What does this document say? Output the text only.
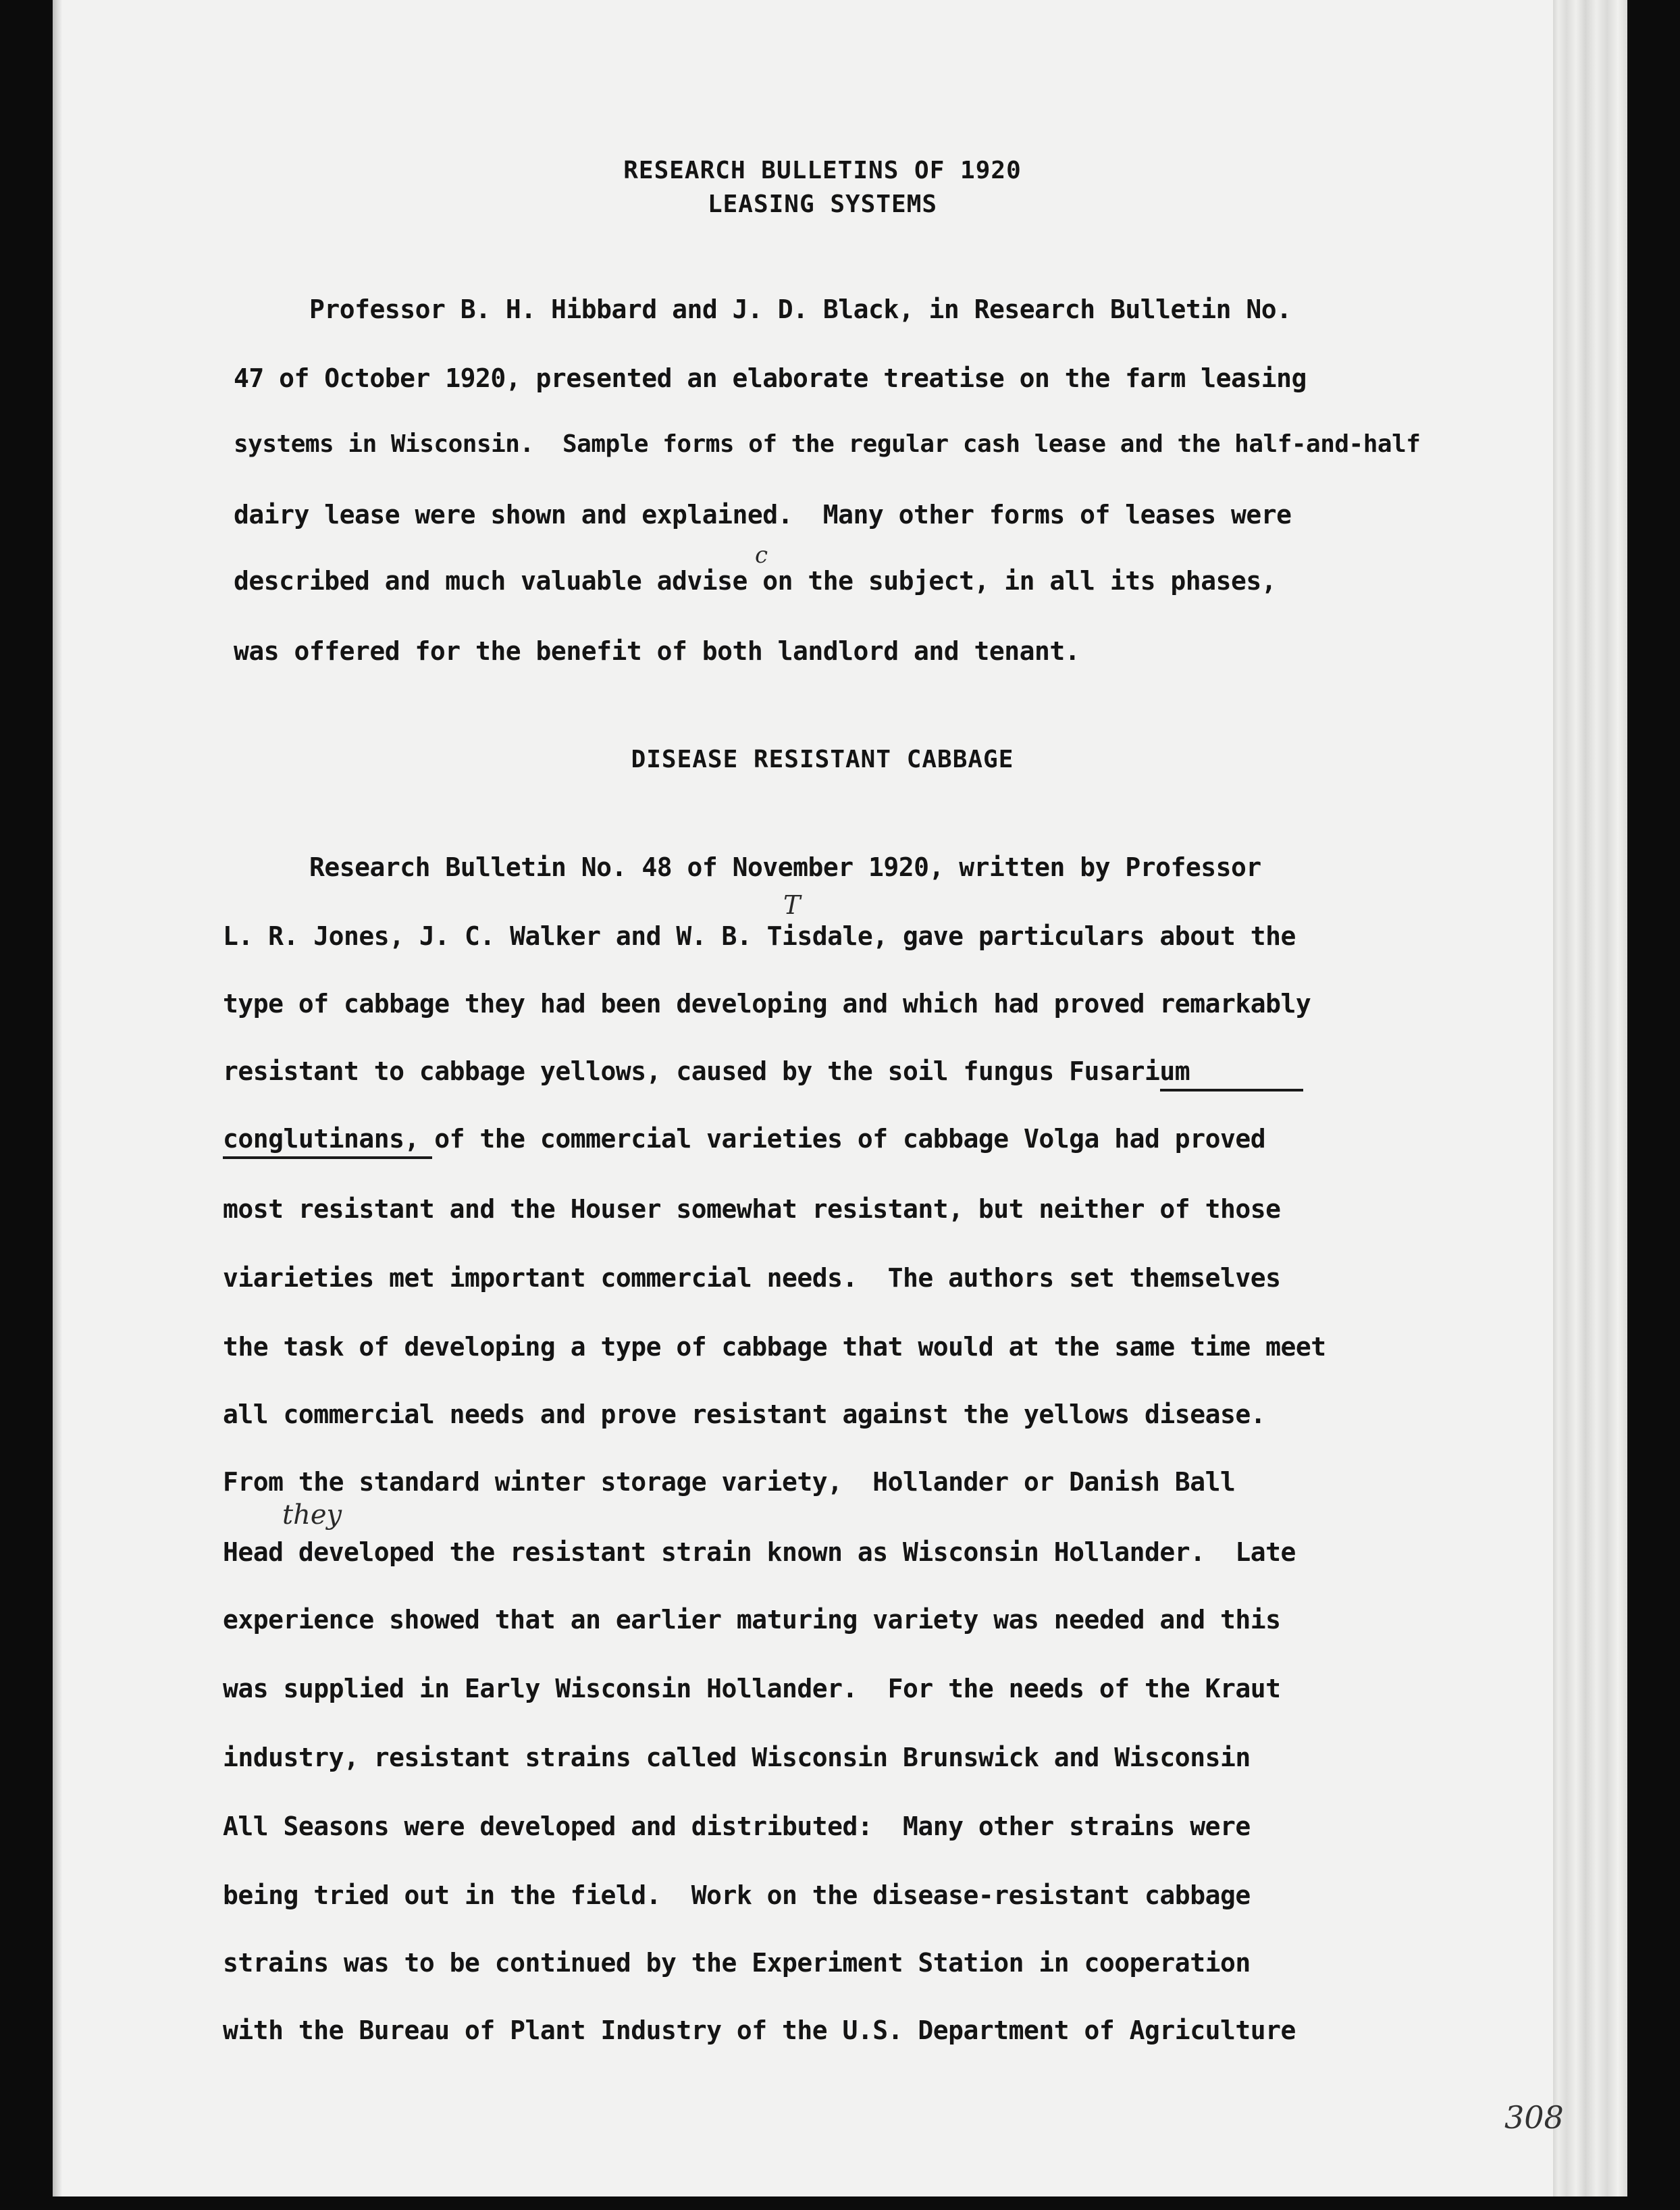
RESEARCH BULLETINS OF 1920
LEASING SYSTEMS
Professor B. H. Hibbard and J. D. Black, in Research Bulletin No.
47 of October 1920, presented an elaborate treatise on the farm leasing
systems in Wisconsin.  Sample forms of the regular cash lease and the half-and-half
dairy lease were shown and explained.  Many other forms of leases were
described and much valuable advise on the subject, in all its phases,
was offered for the benefit of both landlord and tenant.
DISEASE RESISTANT CABBAGE
Research Bulletin No. 48 of November 1920, written by Professor
L. R. Jones, J. C. Walker and W. B. Tisdale, gave particulars about the
type of cabbage they had been developing and which had proved remarkably
resistant to cabbage yellows, caused by the soil fungus Fusarium
conglutinans, of the commercial varieties of cabbage Volga had proved
most resistant and the Houser somewhat resistant, but neither of those
viarieties met important commercial needs.  The authors set themselves
the task of developing a type of cabbage that would at the same time meet
all commercial needs and prove resistant against the yellows disease.
From the standard winter storage variety,  Hollander or Danish Ball
Head developed the resistant strain known as Wisconsin Hollander.  Late
experience showed that an earlier maturing variety was needed and this
was supplied in Early Wisconsin Hollander.  For the needs of the Kraut
industry, resistant strains called Wisconsin Brunswick and Wisconsin
All Seasons were developed and distributed:  Many other strains were
being tried out in the field.  Work on the disease-resistant cabbage
strains was to be continued by the Experiment Station in cooperation
with the Bureau of Plant Industry of the U.S. Department of Agriculture
they
c
T
308
